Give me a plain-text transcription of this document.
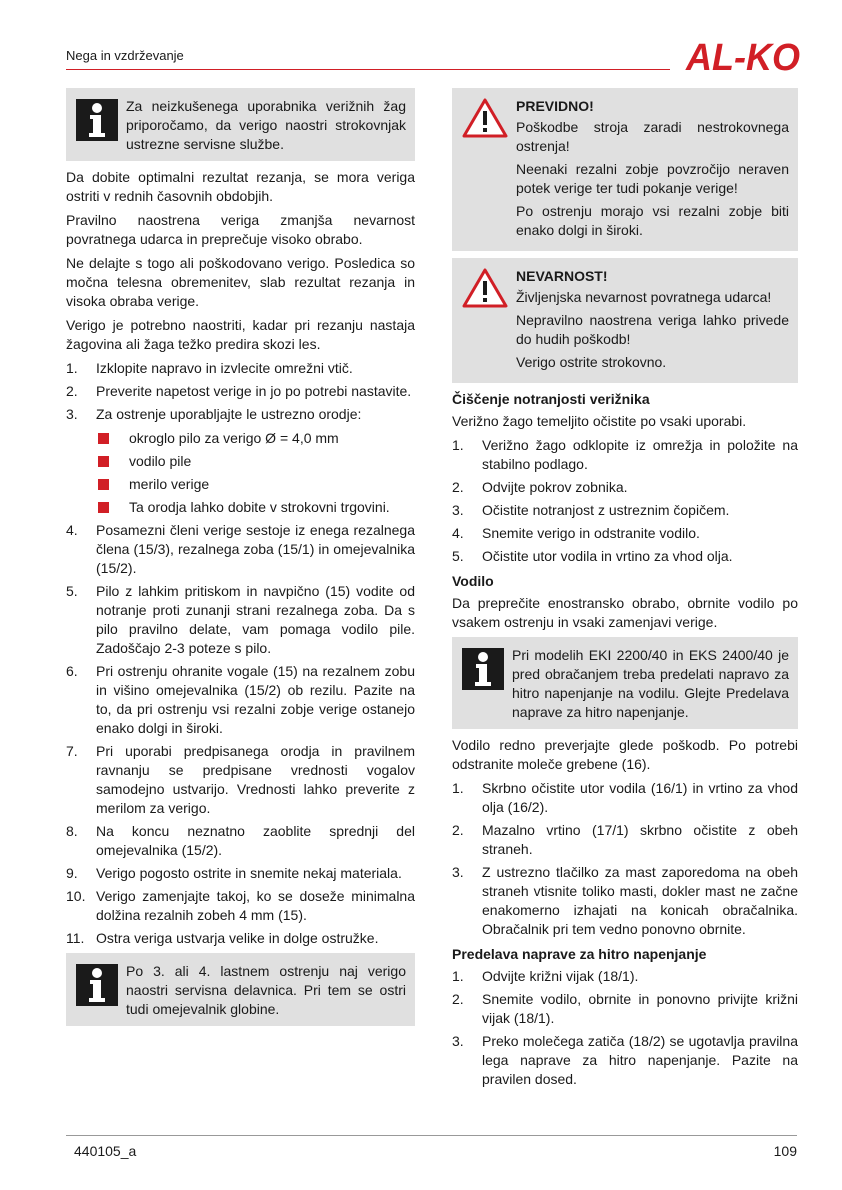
Nega in vzdrževanje	AL-KO
Za neizkušenega uporabnika verižnih žag priporočamo, da verigo naostri strokovnjak ustrezne servisne službe.

Da dobite optimalni rezultat rezanja, se mora veriga ostriti v rednih časovnih obdobjih.

Pravilno naostrena veriga zmanjša nevarnost povratnega udarca in preprečuje visoko obrabo.

Ne delajte s togo ali poškodovano verigo. Posledica so močna telesna obremenitev, slab rezultat rezanja in visoka obraba verige.

Verigo je potrebno naostriti, kadar pri rezanju nastaja žagovina ali žaga težko predira skozi les.

1.	Izklopite napravo in izvlecite omrežni vtič.
2.	Preverite napetost verige in jo po potrebi nastavite.
3.	Za ostrenje uporabljajte le ustrezno orodje:
okroglo pilo za verigo Ø = 4,0 mm
vodilo pile
merilo verige
Ta orodja lahko dobite v strokovni trgovini.
4.	Posamezni členi verige sestoje iz enega rezalnega člena (15/3), rezalnega zoba (15/1) in omejevalnika (15/2).
5.	Pilo z lahkim pritiskom in navpično (15) vodite od notranje proti zunanji strani rezalnega zoba. Da s pilo pravilno delate, vam pomaga vodilo pile. Zadoščajo 2-3 poteze s pilo.
6.	Pri ostrenju ohranite vogale (15) na rezalnem zobu in višino omejevalnika (15/2) ob rezilu. Pazite na to, da pri ostrenju vsi rezalni zobje verige ostanejo enako dolgi in široki.
7.	Pri uporabi predpisanega orodja in pravilnem ravnanju se predpisane vrednosti vogalov samodejno ustvarijo. Vrednosti lahko preverite z merilom za verigo.
8.	Na koncu neznatno zaoblite sprednji del omejevalnika (15/2).
9.	Verigo pogosto ostrite in snemite nekaj materiala.
10. Verigo zamenjajte takoj, ko se doseže minimalna dolžina rezalnih zobeh 4 mm (15).
11. Ostra veriga ustvarja velike in dolge ostružke.
Po 3. ali 4. lastnem ostrenju naj verigo naostri servisna delavnica. Pri tem se ostri tudi omejevalnik globine.

PREVIDNO!

Poškodbe stroja zaradi nestrokovnega ostrenja!

Neenaki rezalni zobje povzročijo neraven potek verige ter tudi pokanje verige!

Po ostrenju morajo vsi rezalni zobje biti enako dolgi in široki.

NEVARNOST!

Življenjska nevarnost povratnega udarca!

Nepravilno naostrena veriga lahko privede do hudih poškodb!

Verigo ostrite strokovno.

Čiščenje notranjosti verižnika

Verižno žago temeljito očistite po vsaki uporabi.

1.	Verižno žago odklopite iz omrežja in položite na stabilno podlago.
2.	Odvijte pokrov zobnika.
3.	Očistite notranjost z ustreznim čopičem.
4.	Snemite verigo in odstranite vodilo.
5.	Očistite utor vodila in vrtino za vhod olja.
Vodilo

Da preprečite enostransko obrabo, obrnite vodilo po vsakem ostrenju in vsaki zamenjavi verige.

Pri modelih EKI 2200/40 in EKS 2400/40 je pred obračanjem treba predelati napravo za hitro napenjanje na vodilu. Glejte Predelava naprave za hitro napenjanje.

Vodilo redno preverjajte glede poškodb. Po potrebi odstranite moleče grebene (16).

1.	Skrbno očistite utor vodila (16/1) in vrtino za vhod olja (16/2).
2.	Mazalno vrtino (17/1) skrbno očistite z obeh straneh.
3.	Z ustrezno tlačilko za mast zaporedoma na obeh straneh vtisnite toliko masti, dokler mast ne začne enakomerno izhajati na konicah obračalnika. Obračalnik pri tem vedno ponovno obrnite.
Predelava naprave za hitro napenjanje
1.	Odvijte križni vijak (18/1).
2.	Snemite vodilo, obrnite in ponovno privijte križni vijak (18/1).
3.	Preko molečega zatiča (18/2) se ugotavlja pravilna lega naprave za hitro napenjanje. Pazite na pravilen dosed.
440105_a	109
